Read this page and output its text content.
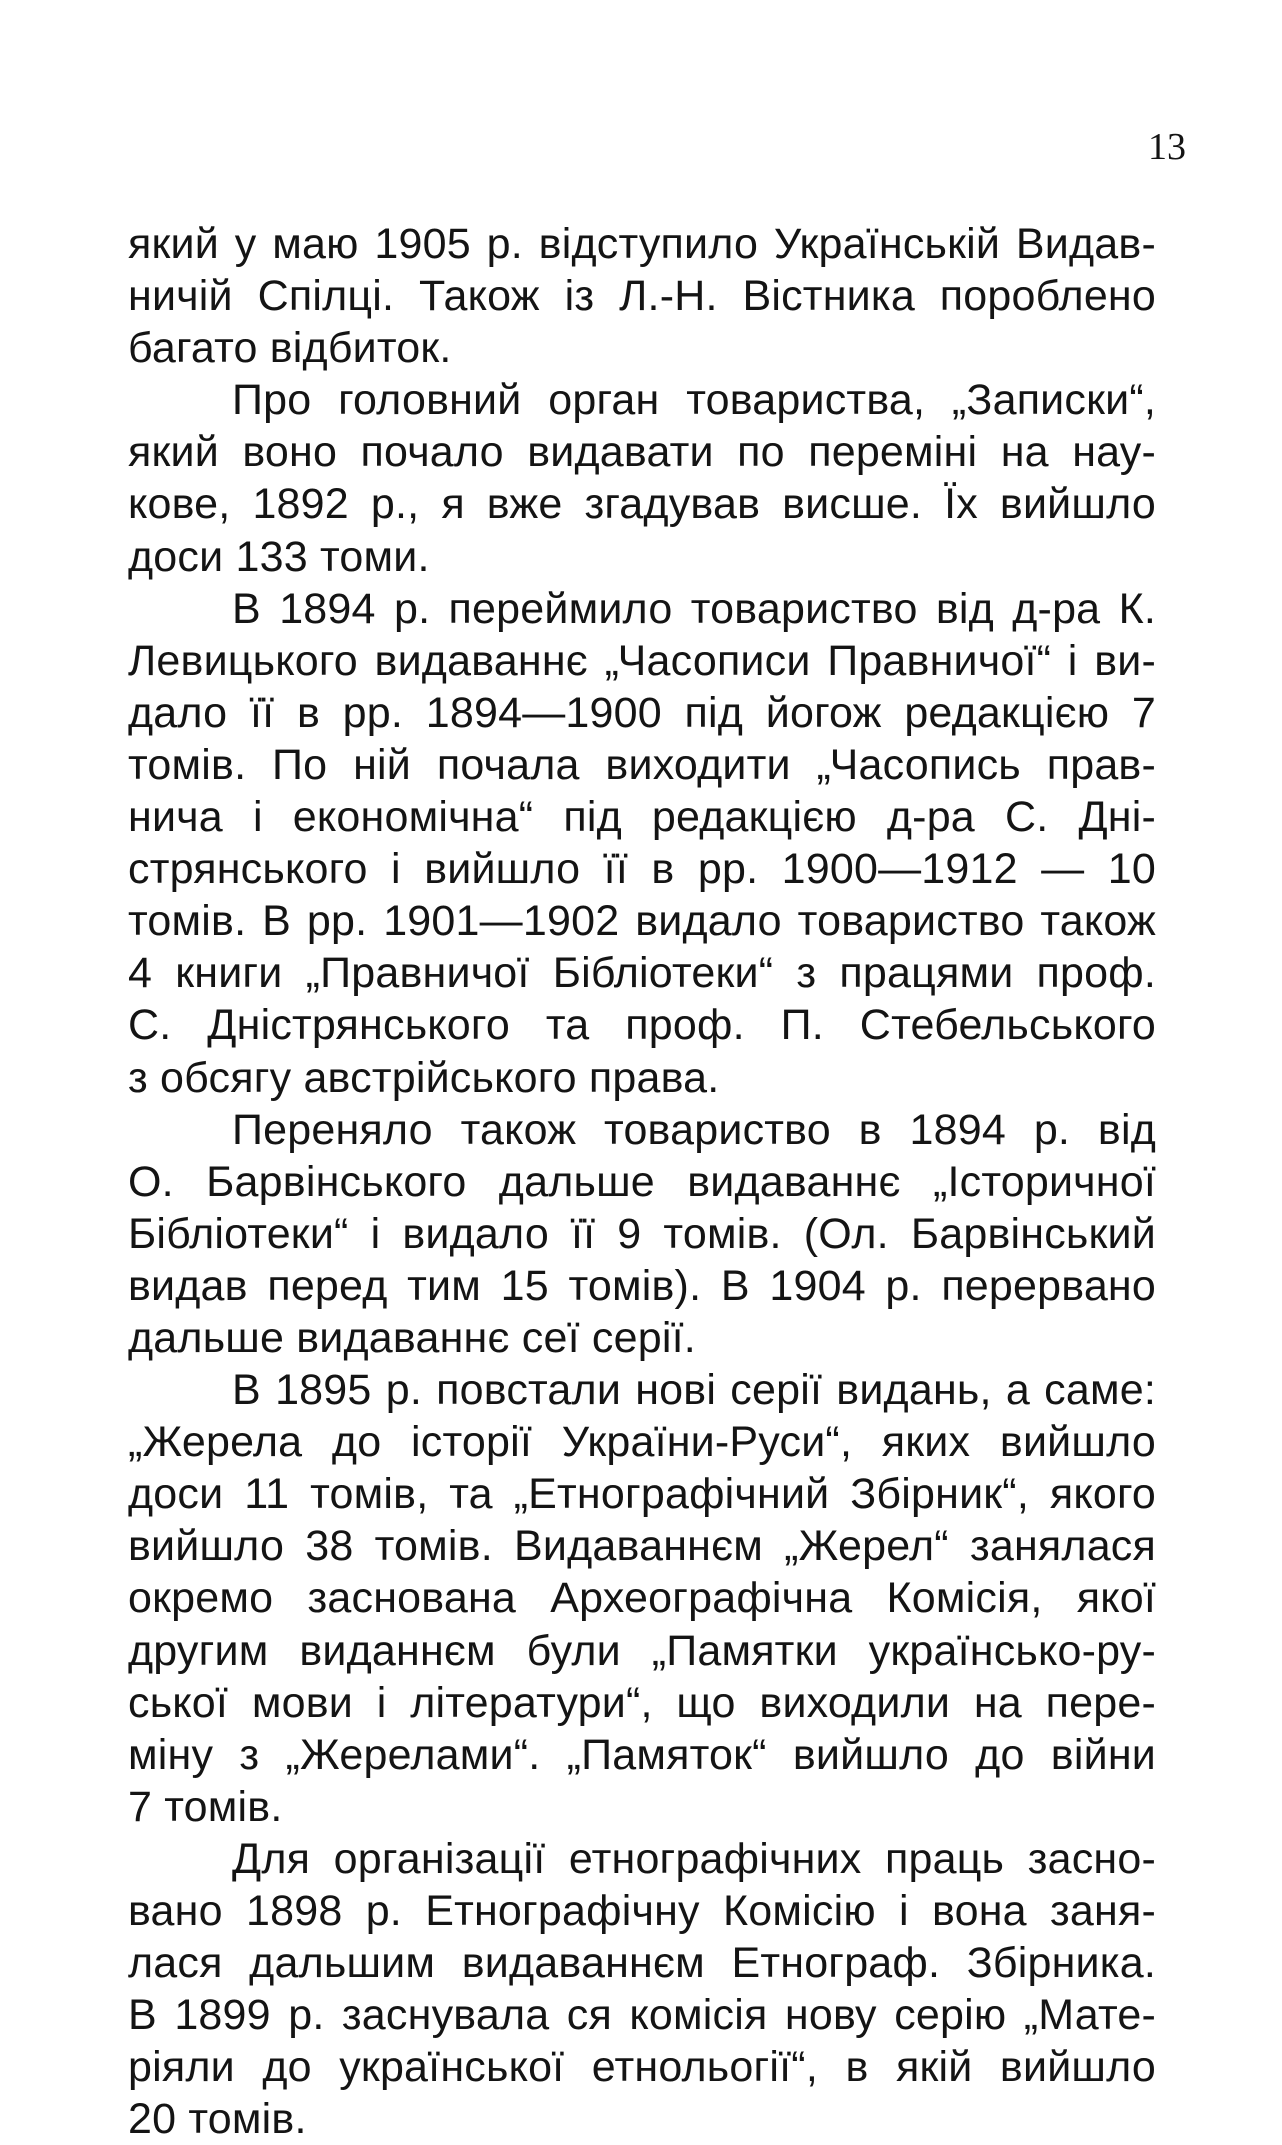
13
який у маю 1905 р. відступило Українській Видав-
ничій Спілці. Також із Л.-Н. Вістника пороблено
багато відбиток.
Про головний орган товариства, „Записки“,
який воно почало видавати по переміні на нау-
кове, 1892 р., я вже згадував висше. Їх вийшло
доси 133 томи.
В 1894 р. переймило товариство від д-ра К.
Левицького видаваннє „Часописи Правничої“ і ви-
дало її в рр. 1894—1900 під йогож редакцією 7
томів. По ній почала виходити „Часопись прав-
нича і економічна“ під редакцією д-ра С. Дні-
стрянського і вийшло її в рр. 1900—1912 — 10
томів. В рр. 1901—1902 видало товариство також
4 книги „Правничої Бібліотеки“ з працями проф.
С. Дністрянського та проф. П. Стебельського
з обсягу австрійського права.
Переняло також товариство в 1894 р. від
О. Барвінського дальше видаваннє „Історичної
Бібліотеки“ і видало її 9 томів. (Ол. Барвінський
видав перед тим 15 томів). В 1904 р. перервано
дальше видаваннє сеї серії.
В 1895 р. повстали нові серії видань, а саме:
„Жерела до історії України-Руси“, яких вийшло
доси 11 томів, та „Етнографічний Збірник“, якого
вийшло 38 томів. Видаваннєм „Жерел“ занялася
окремо заснована Археографічна Комісія, якої
другим виданнєм були „Памятки українсько-ру-
ської мови і літератури“, що виходили на пере-
міну з „Жерелами“. „Памяток“ вийшло до війни
7 томів.
Для організації етнографічних праць засно-
вано 1898 р. Етнографічну Комісію і вона заня-
лася дальшим видаваннєм Етнограф. Збірника.
В 1899 р. заснувала ся комісія нову серію „Мате-
ріяли до української етнольогії“, в якій вийшло
20 томів.
